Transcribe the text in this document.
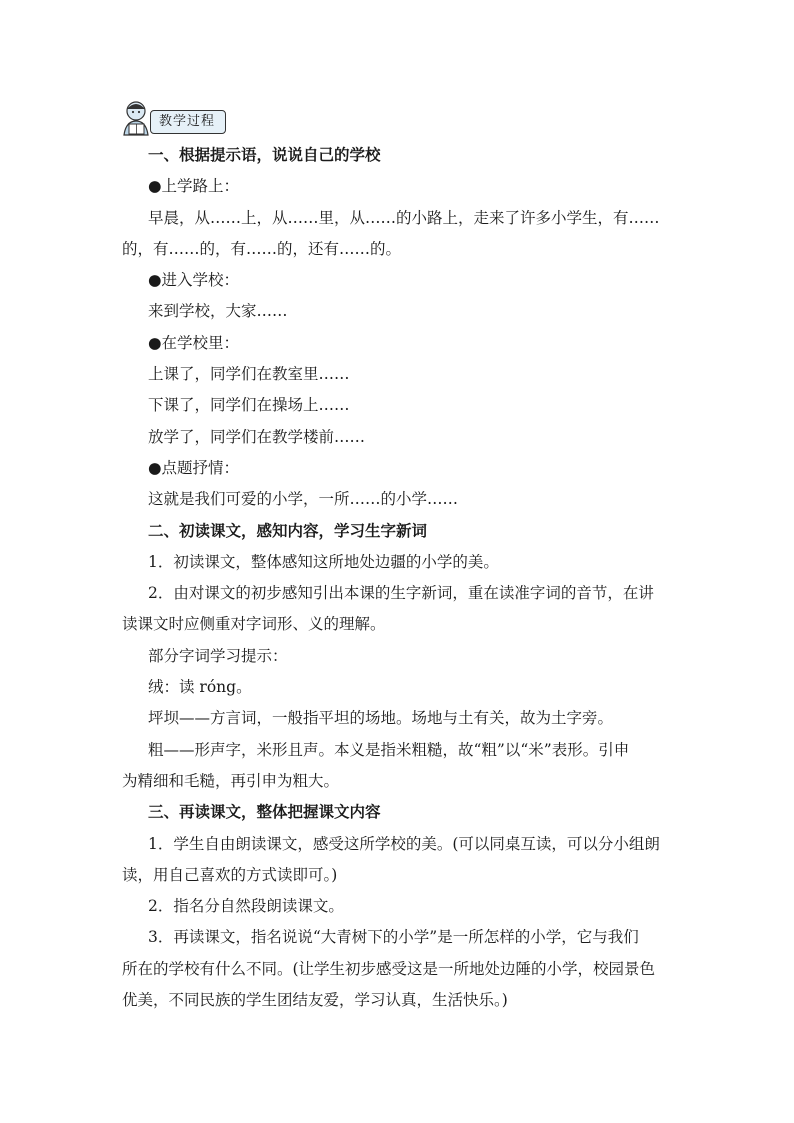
教学过程
一、根据提示语，说说自己的学校
●上学路上：
早晨，从……上，从……里，从……的小路上，走来了许多小学生，有……
的，有……的，有……的，还有……的。
●进入学校：
来到学校，大家……
●在学校里：
上课了，同学们在教室里……
下课了，同学们在操场上……
放学了，同学们在教学楼前……
●点题抒情：
这就是我们可爱的小学，一所……的小学……
二、初读课文，感知内容，学习生字新词
1．初读课文，整体感知这所地处边疆的小学的美。
2．由对课文的初步感知引出本课的生字新词，重在读准字词的音节，在讲
读课文时应侧重对字词形、义的理解。
部分字词学习提示：
绒：读 róng。
坪坝——方言词，一般指平坦的场地。场地与土有关，故为土字旁。
粗——形声字，米形且声。本义是指米粗糙，故“粗”以“米”表形。引申
为精细和毛糙，再引申为粗大。
三、再读课文，整体把握课文内容
1．学生自由朗读课文，感受这所学校的美。(可以同桌互读，可以分小组朗
读，用自己喜欢的方式读即可。)
2．指名分自然段朗读课文。
3．再读课文，指名说说“大青树下的小学”是一所怎样的小学，它与我们
所在的学校有什么不同。(让学生初步感受这是一所地处边陲的小学，校园景色
优美，不同民族的学生团结友爱，学习认真，生活快乐。)
